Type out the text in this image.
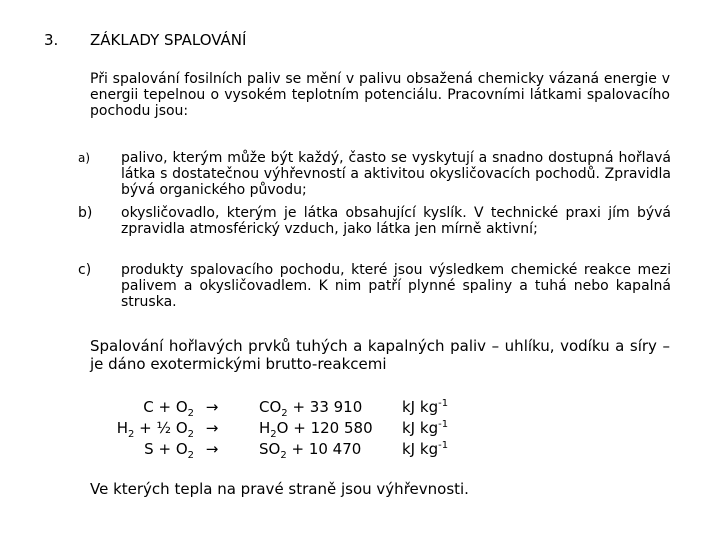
3. ZÁKLADY SPALOVÁNÍ
Při spalování fosilních paliv se mění v palivu obsažená chemicky vázaná energie v energii tepelnou o vysokém teplotním potenciálu. Pracovními látkami spalovacího pochodu jsou:
a) palivo, kterým může být každý, často se vyskytují a snadno dostupná hořlavá látka s dostatečnou výhřevností a aktivitou okysličovacích pochodů. Zpravidla bývá organického původu;
b) okysličovadlo, kterým je látka obsahující kyslík. V technické praxi jím bývá zpravidla atmosférický vzduch, jako látka jen mírně aktivní;
c) produkty spalovacího pochodu, které jsou výsledkem chemické reakce mezi palivem a okysličovadlem. K nim patří plynné spaliny a tuhá nebo kapalná struska.
Spalování hořlavých prvků tuhých a kapalných paliv – uhlíku, vodíku a síry – je dáno exotermickými brutto-reakcemi
$C + O_2$
$H_2$ + ½ $O_2$
$S + O_2$
→
→
→
$CO_2 + 33$ 910
$H_2O + 120$ 580
$SO_2 + 10$ 470
kJ $kg^{-1}$
kJ $kg^{-1}$
kJ $kg^{-1}$
Ve kterých tepla na pravé straně jsou výhřevnosti.
